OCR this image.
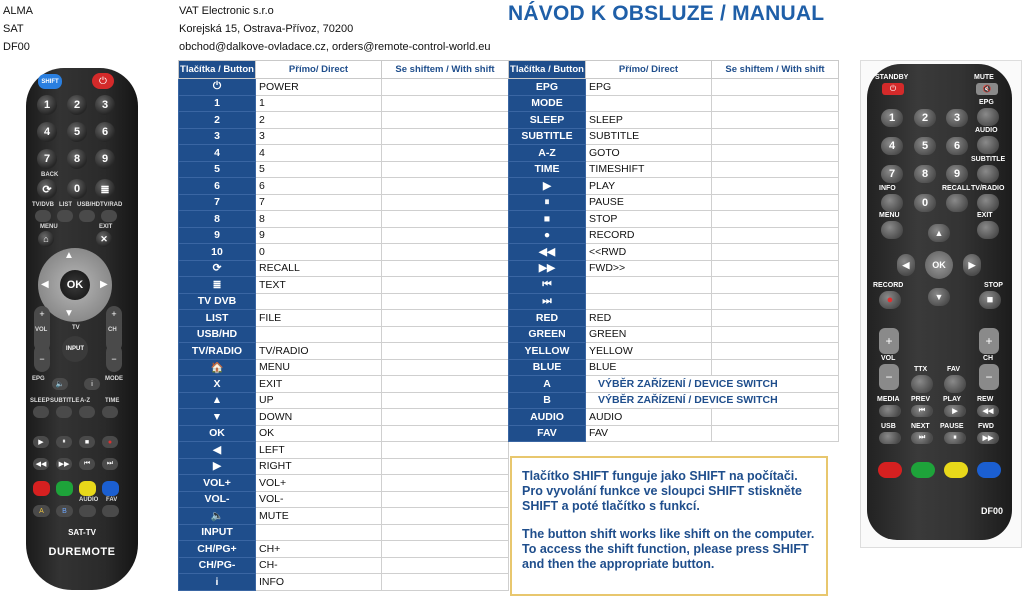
ALMA
SAT
DF00
VAT Electronic s.r.o
Korejská 15, Ostrava-Přívoz, 70200
obchod@dalkove-ovladace.cz, orders@remote-control-world.eu
NÁVOD K OBSLUZE / MANUAL
Tlačítka / Button	Přímo/ Direct	Se shiftem / With shift
⏻	POWER	
1	1	
2	2	
3	3	
4	4	
5	5	
6	6	
7	7	
8	8	
9	9	
10	0	
⟳	RECALL	
≣	TEXT	
TV DVB		
LIST	FILE	
USB/HD		
TV/RADIO	TV/RADIO	
🏠	MENU	
X	EXIT	
▲	UP	
▼	DOWN	
OK	OK	
◀	LEFT	
▶	RIGHT	
VOL+	VOL+	
VOL-	VOL-	
🔈	MUTE	
INPUT		
CH/PG+	CH+	
CH/PG-	CH-	
i	INFO	
Tlačítka / Button	Přímo/ Direct	Se shiftem / With shift
EPG	EPG	
MODE		
SLEEP	SLEEP	
SUBTITLE	SUBTITLE	
A-Z	GOTO	
TIME	TIMESHIFT	
▶	PLAY	
⏸	PAUSE	
■	STOP	
●	RECORD	
◀◀	<<RWD	
▶▶	FWD>>	
⏮		
⏭		
RED	RED	
GREEN	GREEN	
YELLOW	YELLOW	
BLUE	BLUE	
A	VÝBĚR ZAŘÍZENÍ / DEVICE SWITCH	
B	VÝBĚR ZAŘÍZENÍ / DEVICE SWITCH	
AUDIO	AUDIO	
FAV	FAV	

Tlačítko SHIFT funguje jako SHIFT na počítači. Pro vyvolání funkce ve sloupci SHIFT stiskněte SHIFT a poté tlačítko s funkcí.

The button shift works like shift on the computer. To access the shift function, please press SHIFT and then the appropriate button.

SHIFT	⏻
1	2	3
4	5	6
7	8	9
BACK
⟳	0	≣
TV/DVB LIST USB/HD TV/RAD
MENU	EXIT
⌂	✕
▲
▼
◀	▶
OK
+
VOL
+
CH
TV
INPUT
−	−
EPG	MODE
🔈	i
SLEEP SUBTITLE A-Z	TIME
▶	⏸	■	●
◀◀ ▶▶ ⏮ ⏭
AUDIO FAV
A	B
SAT-TV
DUREMOTE
STANDBY	MUTE
⏻	🔇
1	2	3
EPG
4	5	6
AUDIO
SUBTITLE
7	8	9
INFO	RECALL TV/RADIO
0
MENU	EXIT
▲
◀	OK	▶
▼
RECORD	STOP
●	■
+
VOL
−
+
CH
−
TTX	FAV
MEDIA PREV PLAY REW
⏮	▶	◀◀
USB NEXT PAUSE FWD
⏭	⏸	▶▶
DF00
